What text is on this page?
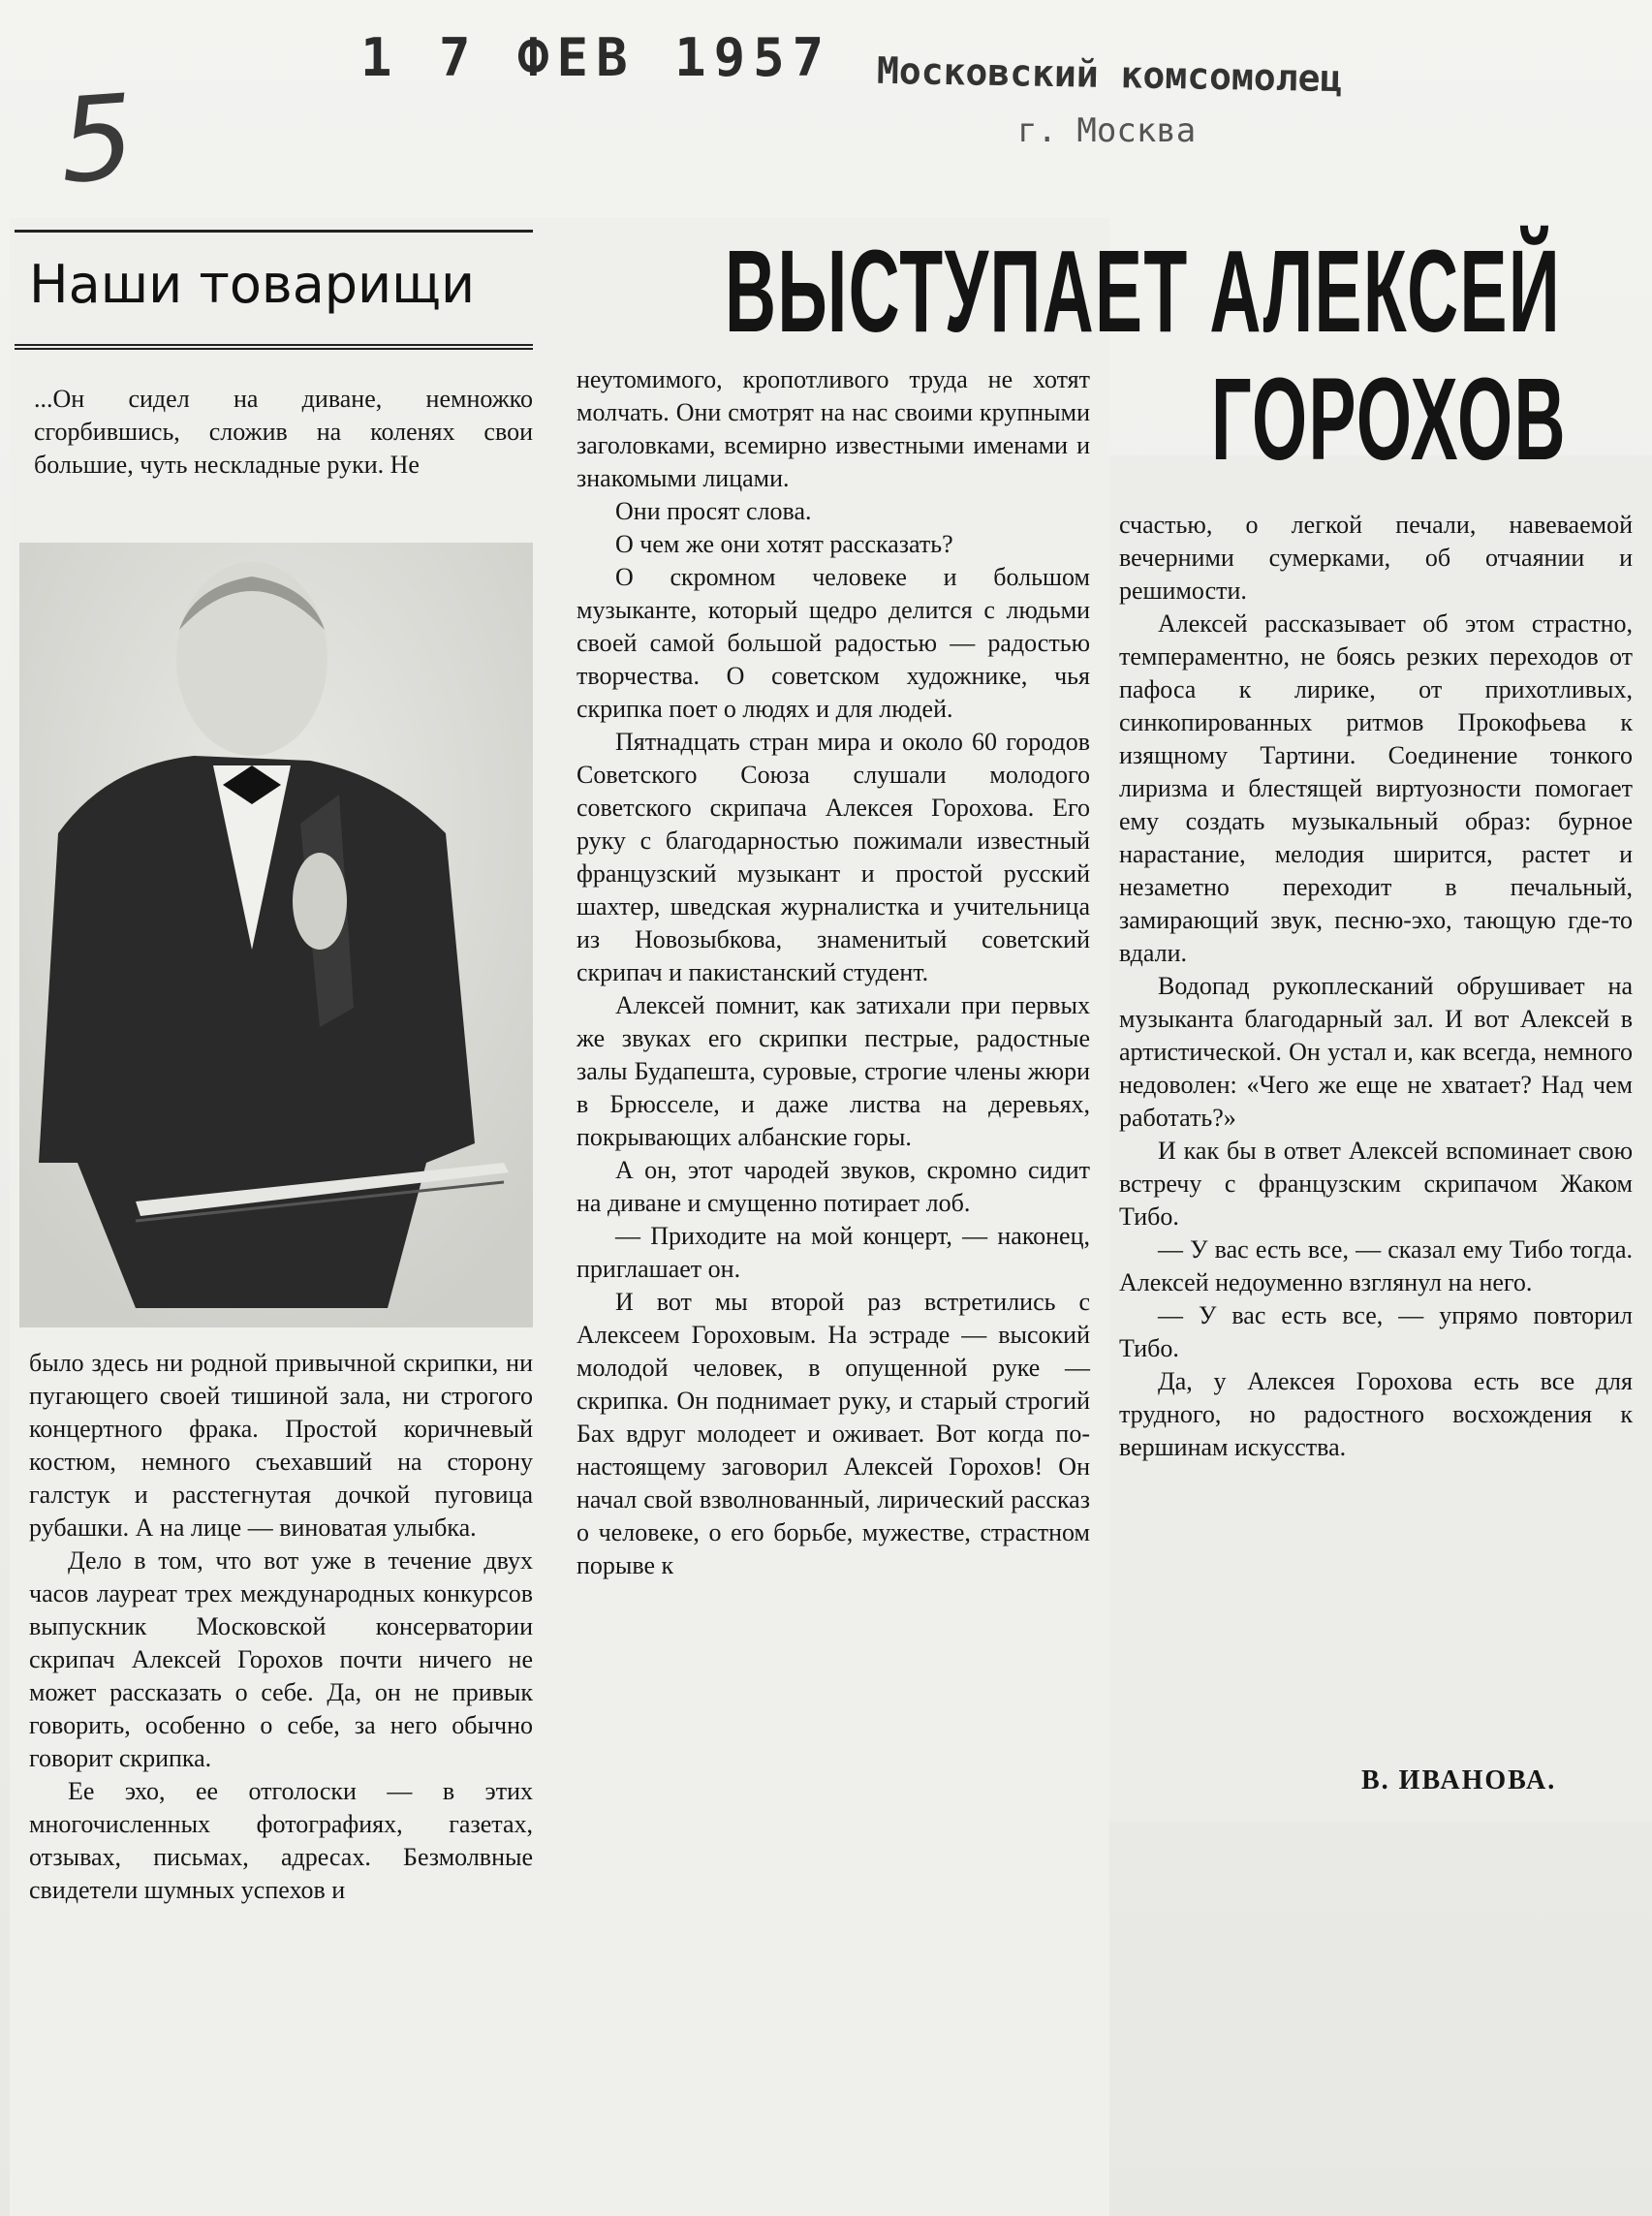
5
1 7 ФЕВ 1957 Московский комсомолец
г. Москва
Наши товарищи ВЫСТУПАЕТ АЛЕКСЕЙ
ГОРОХОВ

...Он сидел на диване, немножко сгорбившись, сложив на коленях свои большие, чуть нескладные руки. Не

было здесь ни родной привычной скрипки, ни пугающего своей тишиной зала, ни строгого концертного фрака. Простой коричневый костюм, немного съехавший на сторону галстук и расстегнутая дочкой пуговица рубашки. А на лице — виноватая улыбка.

Дело в том, что вот уже в течение двух часов лауреат трех международных конкурсов выпускник Московской консерватории скрипач Алексей Горохов почти ничего не может рассказать о себе. Да, он не привык говорить, особенно о себе, за него обычно говорит скрипка.

Ее эхо, ее отголоски — в этих многочисленных фотографиях, газетах, отзывах, письмах, адресах. Безмолвные свидетели шумных успехов и

неутомимого, кропотливого труда не хотят молчать. Они смотрят на нас своими крупными заголовками, всемирно известными именами и знакомыми лицами.

Они просят слова.

О чем же они хотят рассказать?

О скромном человеке и большом музыканте, который щедро делится с людьми своей самой большой радостью — радостью творчества. О советском художнике, чья скрипка поет о людях и для людей.

Пятнадцать стран мира и около 60 городов Советского Союза слушали молодого советского скрипача Алексея Горохова. Его руку с благодарностью пожимали известный французский музыкант и простой русский шахтер, шведская журналистка и учительница из Новозыбкова, знаменитый советский скрипач и пакистанский студент.

Алексей помнит, как затихали при первых же звуках его скрипки пестрые, радостные залы Будапешта, суровые, строгие члены жюри в Брюсселе, и даже листва на деревьях, покрывающих албанские горы.

А он, этот чародей звуков, скромно сидит на диване и смущенно потирает лоб.

— Приходите на мой концерт, — наконец, приглашает он.

И вот мы второй раз встретились с Алексеем Гороховым. На эстраде — высокий молодой человек, в опущенной руке — скрипка. Он поднимает руку, и старый строгий Бах вдруг молодеет и оживает. Вот когда по-настоящему заговорил Алексей Горохов! Он начал свой взволнованный, лирический рассказ о человеке, о его борьбе, мужестве, страстном порыве к

счастью, о легкой печали, навеваемой вечерними сумерками, об отчаянии и решимости.

Алексей рассказывает об этом страстно, темпераментно, не боясь резких переходов от пафоса к лирике, от прихотливых, синкопированных ритмов Прокофьева к изящному Тартини. Соединение тонкого лиризма и блестящей виртуозности помогает ему создать музыкальный образ: бурное нарастание, мелодия ширится, растет и незаметно переходит в печальный, замирающий звук, песню-эхо, тающую где-то вдали.

Водопад рукоплесканий обрушивает на музыканта благодарный зал. И вот Алексей в артистической. Он устал и, как всегда, немного недоволен: «Чего же еще не хватает? Над чем работать?»

И как бы в ответ Алексей вспоминает свою встречу с французским скрипачом Жаком Тибо.

— У вас есть все, — сказал ему Тибо тогда. Алексей недоуменно взглянул на него.

— У вас есть все, — упрямо повторил Тибо.

Да, у Алексея Горохова есть все для трудного, но радостного восхождения к вершинам искусства.

В. ИВАНОВА.
